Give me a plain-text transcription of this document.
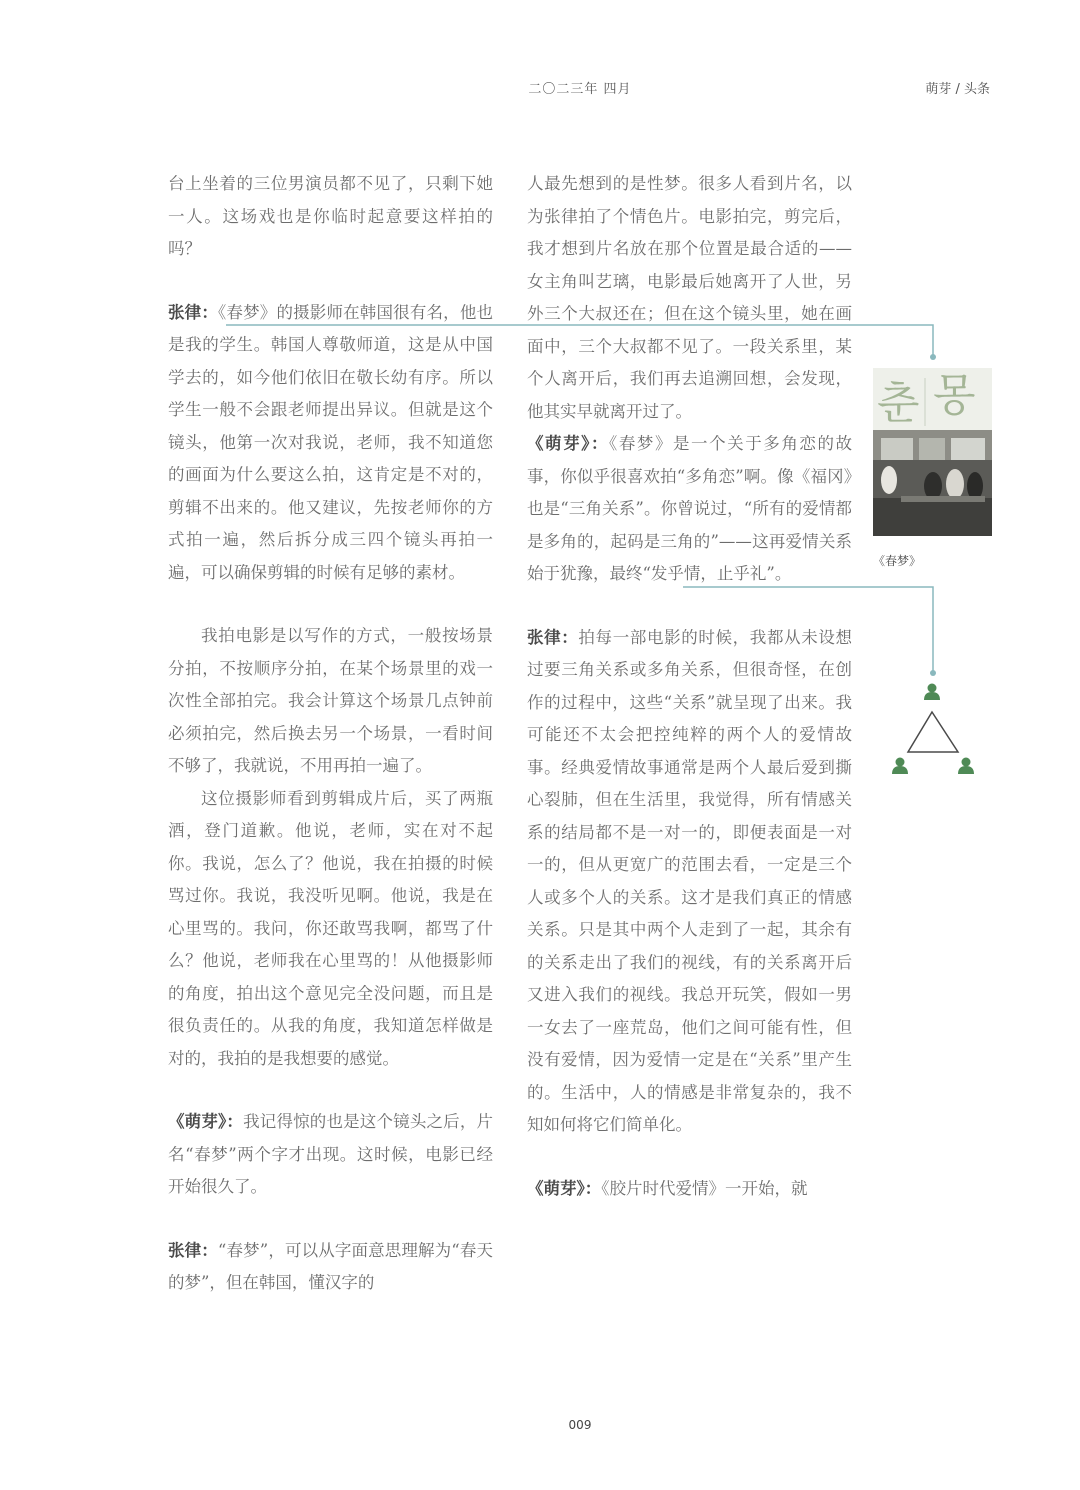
二〇二三年 四月	萌芽 / 头条

台上坐着的三位男演员都不见了，只剩下她一人。这场戏也是你临时起意要这样拍的吗？

张律：《春梦》的摄影师在韩国很有名，他也是我的学生。韩国人尊敬师道，这是从中国学去的，如今他们依旧在敬长幼有序。所以学生一般不会跟老师提出异议。但就是这个镜头，他第一次对我说，老师，我不知道您的画面为什么要这么拍，这肯定是不对的，剪辑不出来的。他又建议，先按老师你的方式拍一遍，然后拆分成三四个镜头再拍一遍，可以确保剪辑的时候有足够的素材。

我拍电影是以写作的方式，一般按场景分拍，不按顺序分拍，在某个场景里的戏一次性全部拍完。我会计算这个场景几点钟前必须拍完，然后换去另一个场景，一看时间不够了，我就说，不用再拍一遍了。

这位摄影师看到剪辑成片后，买了两瓶酒，登门道歉。他说，老师，实在对不起你。我说，怎么了？他说，我在拍摄的时候骂过你。我说，我没听见啊。他说，我是在心里骂的。我问，你还敢骂我啊，都骂了什么？他说，老师我在心里骂的！从他摄影师的角度，拍出这个意见完全没问题，而且是很负责任的。从我的角度，我知道怎样做是对的，我拍的是我想要的感觉。

《萌芽》：我记得惊的也是这个镜头之后，片名“春梦”两个字才出现。这时候，电影已经开始很久了。

张律：“春梦”，可以从字面意思理解为“春天的梦”，但在韩国，懂汉字的

人最先想到的是性梦。很多人看到片名，以为张律拍了个情色片。电影拍完，剪完后，我才想到片名放在那个位置是最合适的——女主角叫艺璃，电影最后她离开了人世，另外三个大叔还在；但在这个镜头里，她在画面中，三个大叔都不见了。一段关系里，某个人离开后，我们再去追溯回想，会发现，他其实早就离开过了。

《萌芽》：《春梦》是一个关于多角恋的故事，你似乎很喜欢拍“多角恋”啊。像《福冈》也是“三角关系”。你曾说过，“所有的爱情都是多角的，起码是三角的”——这再爱情关系始于犹豫，最终“发乎情，止乎礼”。

张律：拍每一部电影的时候，我都从未设想过要三角关系或多角关系，但很奇怪，在创作的过程中，这些“关系”就呈现了出来。我可能还不太会把控纯粹的两个人的爱情故事。经典爱情故事通常是两个人最后爱到撕心裂肺，但在生活里，我觉得，所有情感关系的结局都不是一对一的，即便表面是一对一的，但从更宽广的范围去看，一定是三个人或多个人的关系。这才是我们真正的情感关系。只是其中两个人走到了一起，其余有的关系走出了我们的视线，有的关系离开后又进入我们的视线。我总开玩笑，假如一男一女去了一座荒岛，他们之间可能有性，但没有爱情，因为爱情一定是在“关系”里产生的。生活中，人的情感是非常复杂的，我不知如何将它们简单化。

《萌芽》：《胶片时代爱情》一开始，就

춘 몽
《春梦》
009
